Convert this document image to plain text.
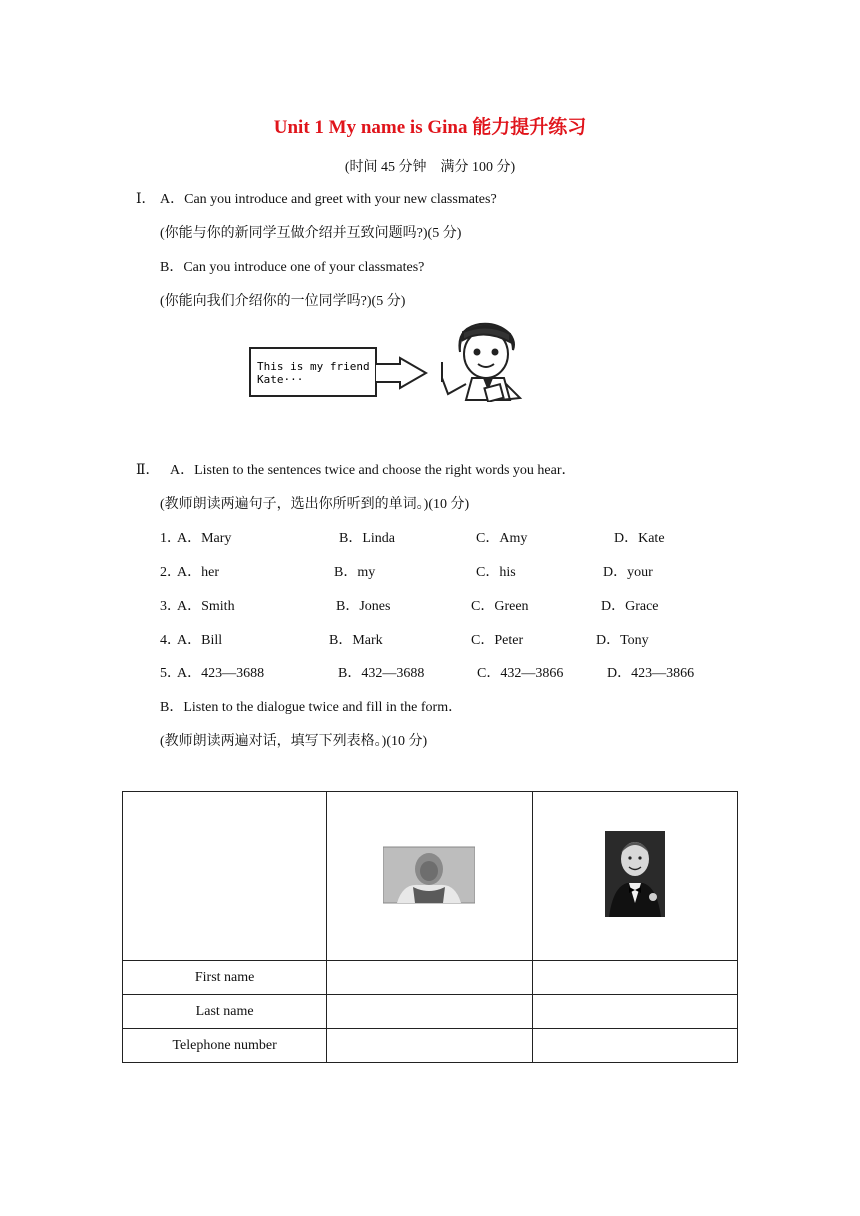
Unit 1 My name is Gina 能力提升练习
(时间 45 分钟　满分 100 分)
Ⅰ． A．Can you introduce and greet with your new classmates?
(你能与你的新同学互做介绍并互致问题吗?)(5 分)
B．Can you introduce one of your classmates?
(你能向我们介绍你的一位同学吗?)(5 分)
This is my friend
Kate···
Ⅱ． A．Listen to the sentences twice and choose the right words you hear．
(教师朗读两遍句子，选出你所听到的单词。)(10 分)
1．
A．Mary	B．Linda	C．Amy	D．Kate
2．
A．her	B．my	C．his	D．your
3．
A．Smith	B．Jones	C．Green	D．Grace
4．
A．Bill	B．Mark	C．Peter	D．Tony
5．
A．423—3688	B．432—3688	C．432—3866	D．423—3866
B．Listen to the dialogue twice and fill in the form．
(教师朗读两遍对话，填写下列表格。)(10 分)

First name		
Last name		
Telephone number		
